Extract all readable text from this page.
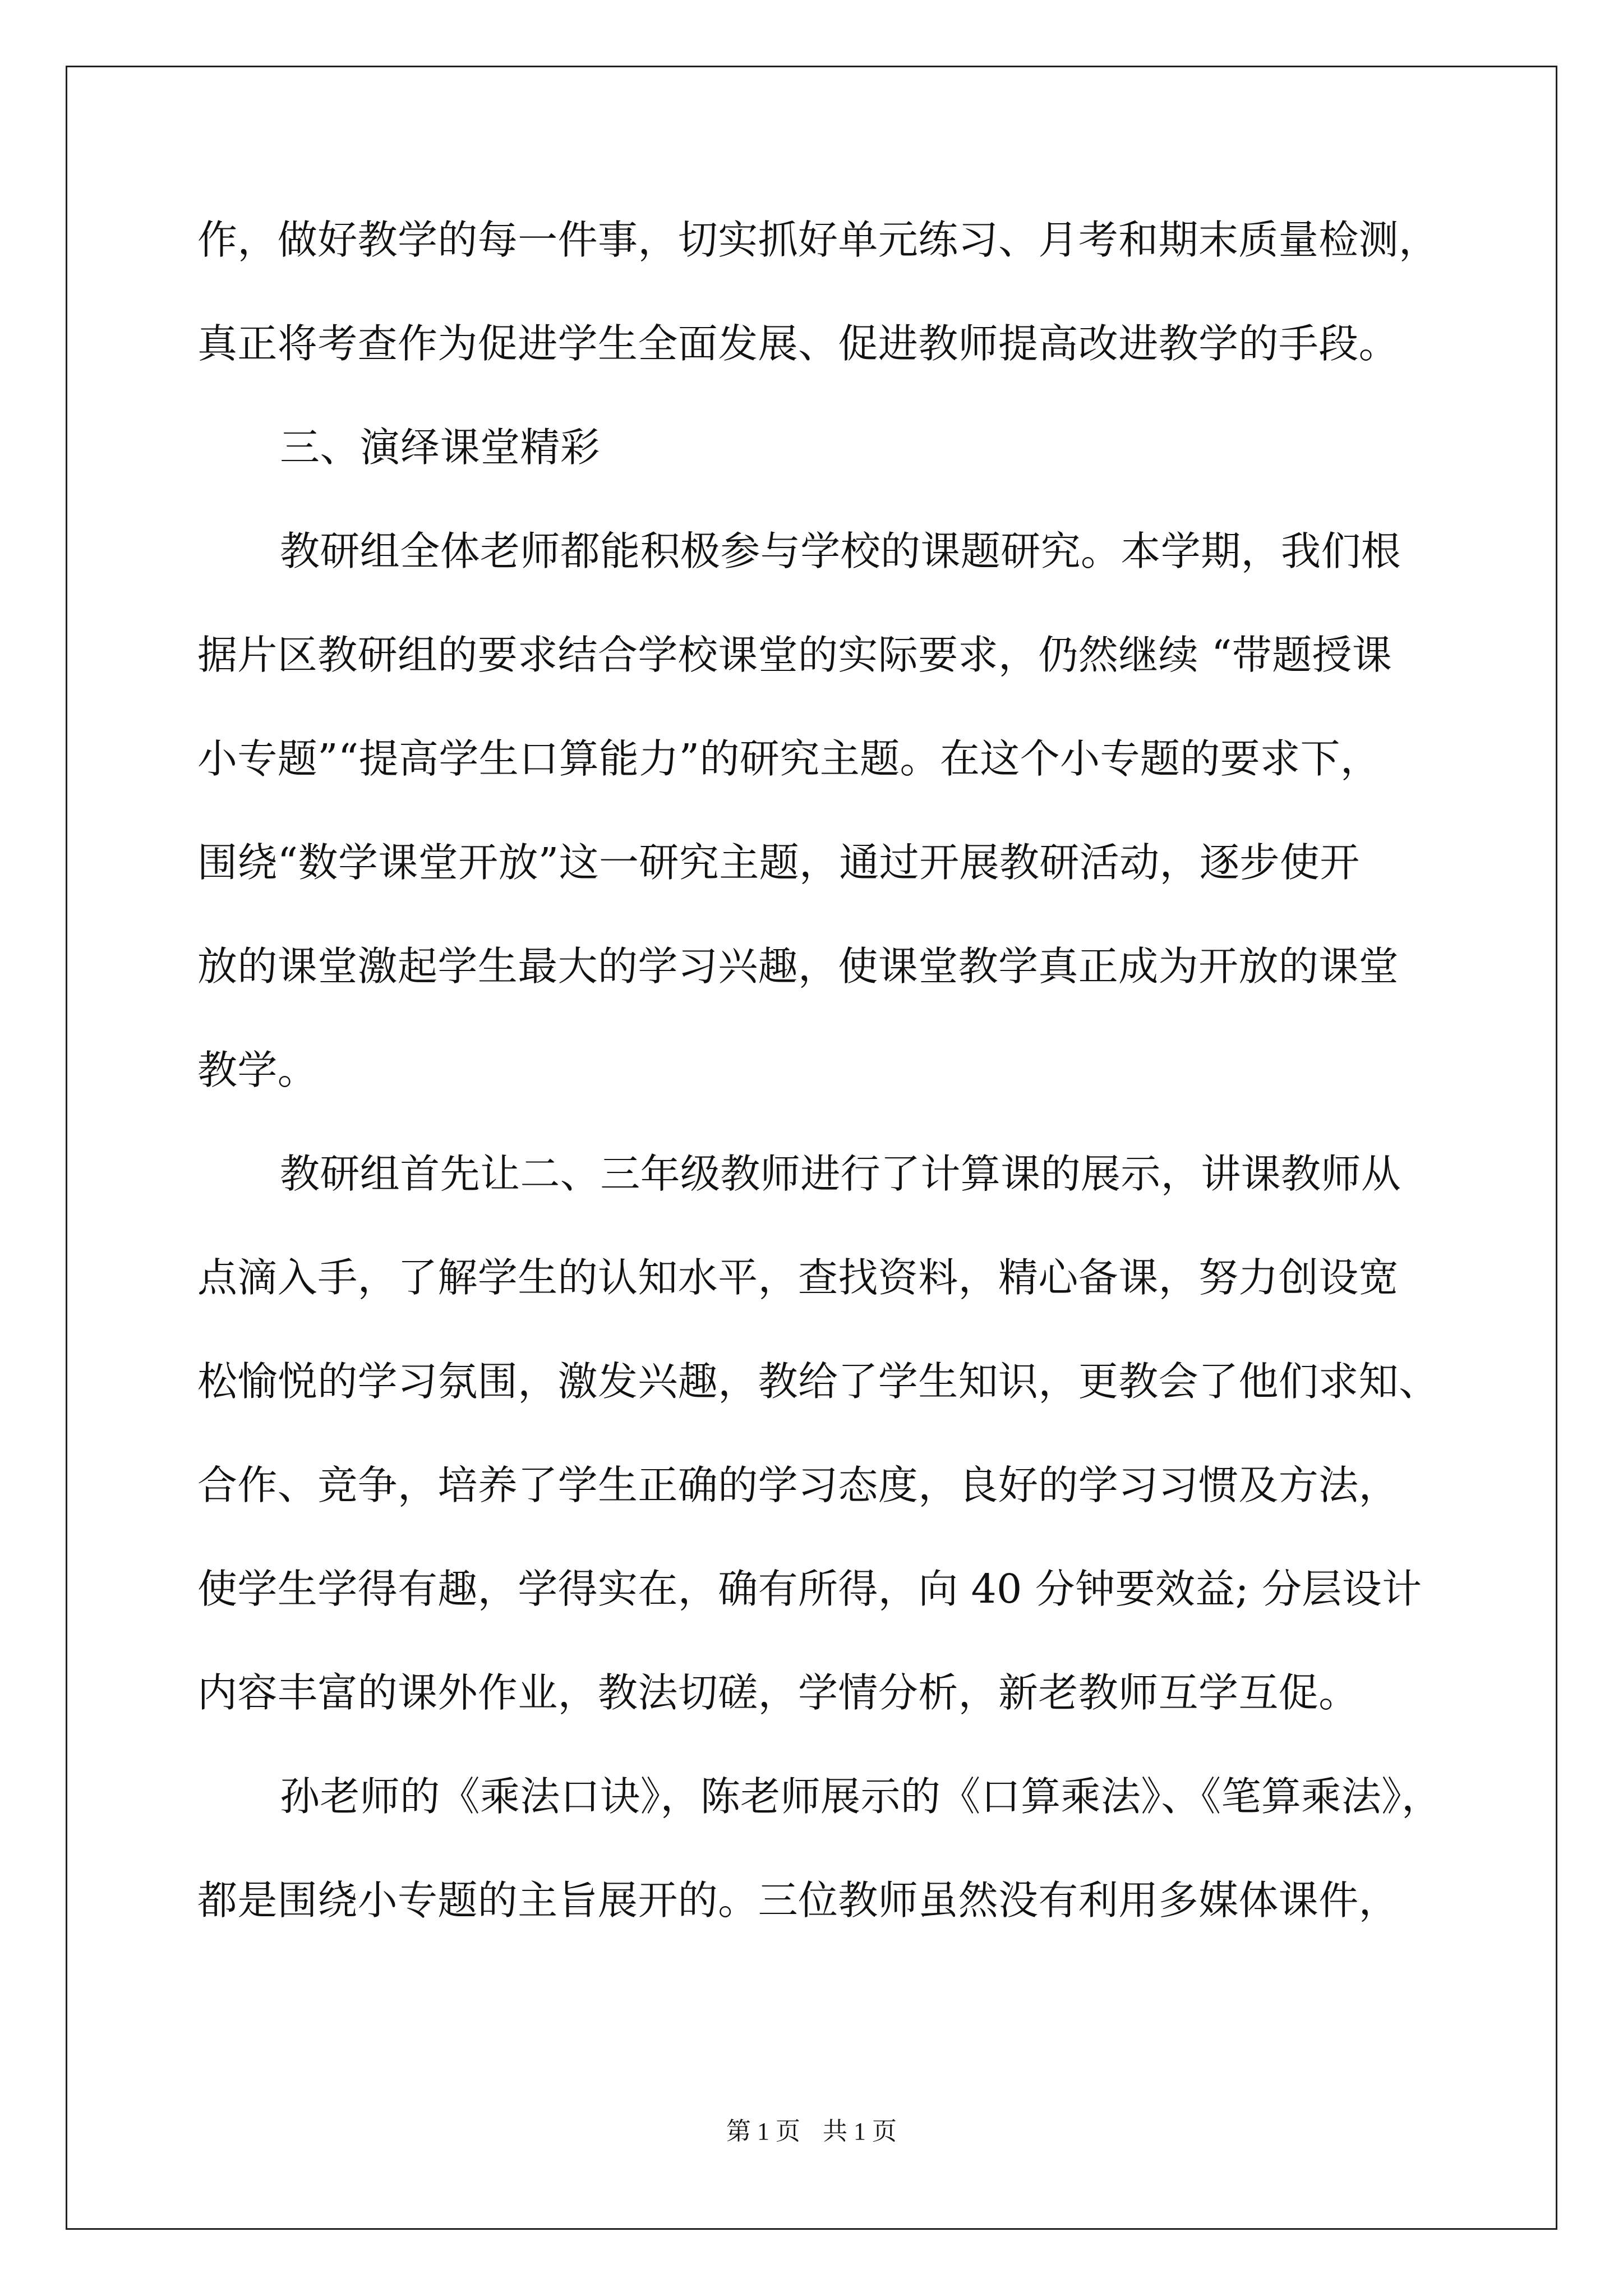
作，做好教学的每一件事，切实抓好单元练习、月考和期末质量检测，
真正将考查作为促进学生全面发展、促进教师提高改进教学的手段。
三、演绎课堂精彩
教研组全体老师都能积极参与学校的课题研究。本学期，我们根
据片区教研组的要求结合学校课堂的实际要求，仍然继续 “带题授课
小专题”“提高学生口算能力”的研究主题。在这个小专题的要求下，
围绕“数学课堂开放”这一研究主题，通过开展教研活动，逐步使开
放的课堂激起学生最大的学习兴趣，使课堂教学真正成为开放的课堂
教学。
教研组首先让二、三年级教师进行了计算课的展示，讲课教师从
点滴入手，了解学生的认知水平，查找资料，精心备课，努力创设宽
松愉悦的学习氛围，激发兴趣，教给了学生知识，更教会了他们求知、
合作、竞争，培养了学生正确的学习态度，良好的学习习惯及方法，
使学生学得有趣，学得实在，确有所得，向 40 分钟要效益; 分层设计
内容丰富的课外作业，教法切磋，学情分析，新老教师互学互促。
孙老师的《乘法口诀》，陈老师展示的《口算乘法》、《笔算乘法》，
都是围绕小专题的主旨展开的。三位教师虽然没有利用多媒体课件，
第 1 页 共 1 页
